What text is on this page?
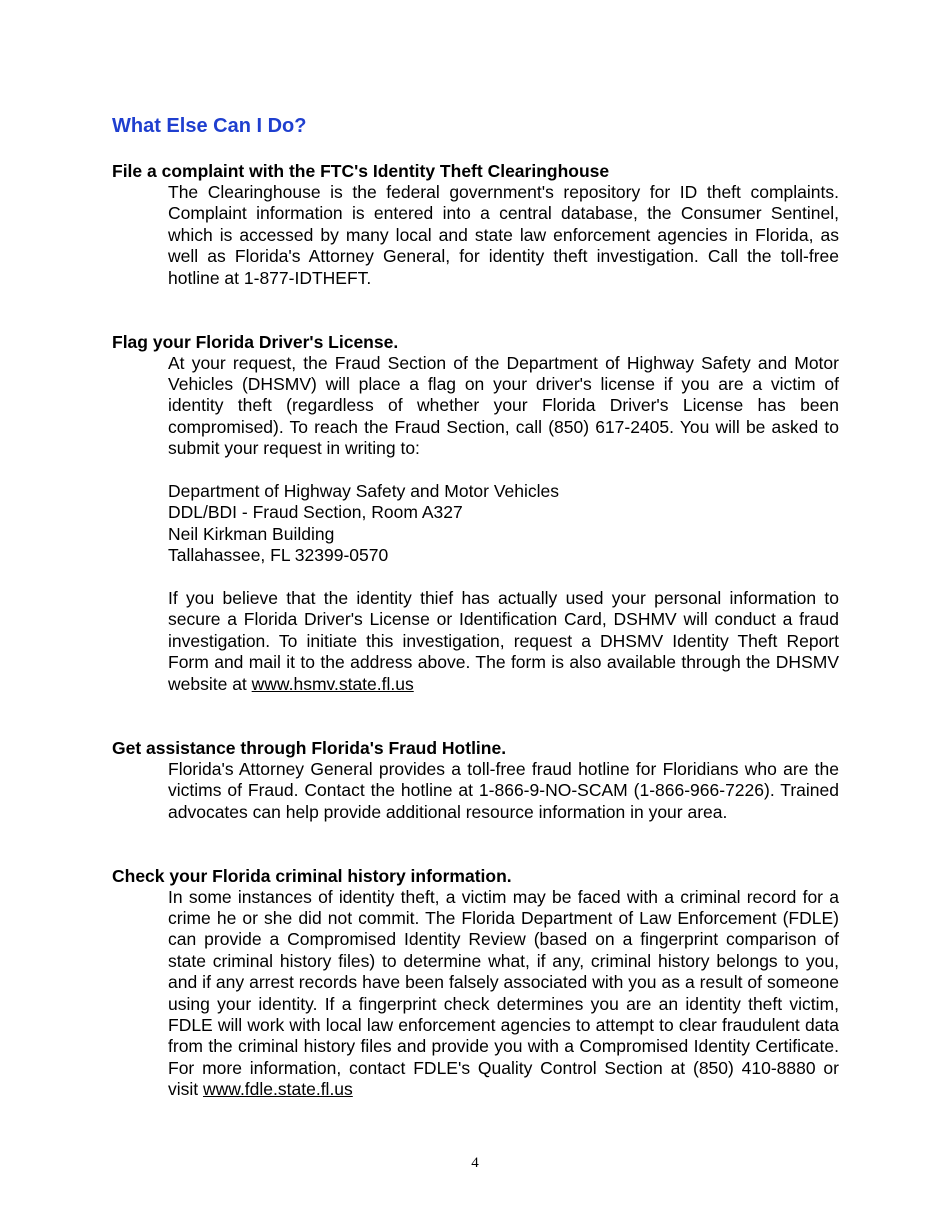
What Else Can I Do?
File a complaint with the FTC's Identity Theft Clearinghouse

The Clearinghouse is the federal government's repository for ID theft complaints. Complaint information is entered into a central database, the Consumer Sentinel, which is accessed by many local and state law enforcement agencies in Florida, as well as Florida's Attorney General, for identity theft investigation. Call the toll-free hotline at 1-877-IDTHEFT.

Flag your Florida Driver's License.

At your request, the Fraud Section of the Department of Highway Safety and Motor Vehicles (DHSMV) will place a flag on your driver's license if you are a victim of identity theft (regardless of whether your Florida Driver's License has been compromised). To reach the Fraud Section, call (850) 617-2405. You will be asked to submit your request in writing to:

Department of Highway Safety and Motor Vehicles
DDL/BDI - Fraud Section, Room A327
Neil Kirkman Building
Tallahassee, FL 32399-0570

If you believe that the identity thief has actually used your personal information to secure a Florida Driver's License or Identification Card, DSHMV will conduct a fraud investigation. To initiate this investigation, request a DHSMV Identity Theft Report Form and mail it to the address above. The form is also available through the DHSMV website at www.hsmv.state.fl.us

Get assistance through Florida's Fraud Hotline.

Florida's Attorney General provides a toll-free fraud hotline for Floridians who are the victims of Fraud. Contact the hotline at 1-866-9-NO-SCAM (1-866-966-7226). Trained advocates can help provide additional resource information in your area.

Check your Florida criminal history information.

In some instances of identity theft, a victim may be faced with a criminal record for a crime he or she did not commit. The Florida Department of Law Enforcement (FDLE) can provide a Compromised Identity Review (based on a fingerprint comparison of state criminal history files) to determine what, if any, criminal history belongs to you, and if any arrest records have been falsely associated with you as a result of someone using your identity. If a fingerprint check determines you are an identity theft victim, FDLE will work with local law enforcement agencies to attempt to clear fraudulent data from the criminal history files and provide you with a Compromised Identity Certificate. For more information, contact FDLE's Quality Control Section at (850) 410-8880 or visit www.fdle.state.fl.us

4
